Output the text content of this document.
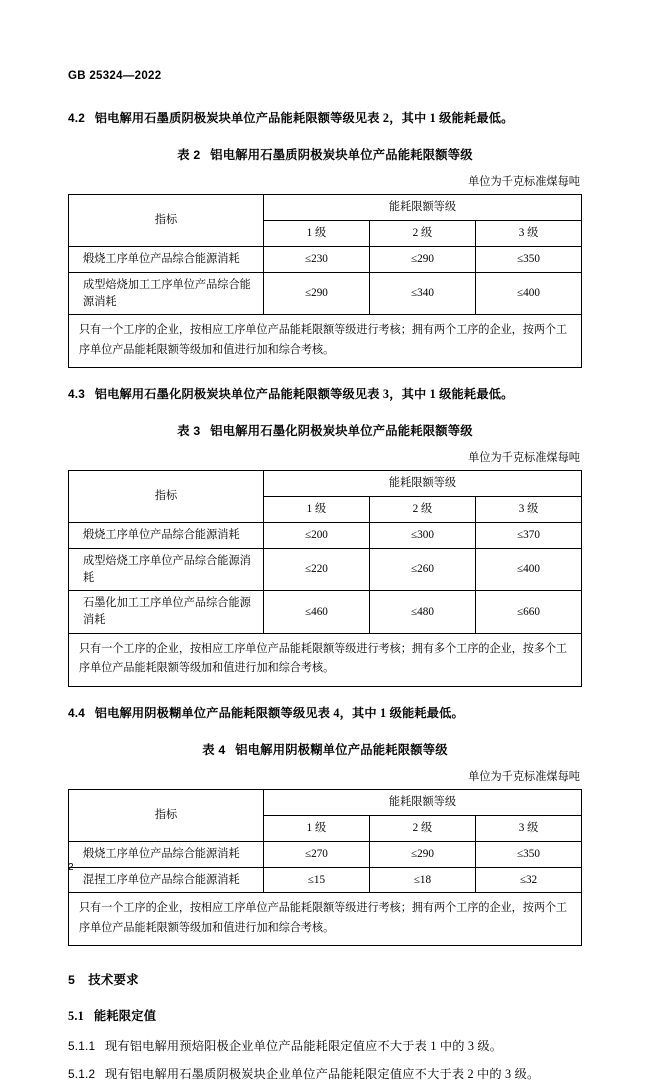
GB 25324—2022

4.2 铝电解用石墨质阴极炭块单位产品能耗限额等级见表 2，其中 1 级能耗最低。

表 2 铝电解用石墨质阴极炭块单位产品能耗限额等级
单位为千克标准煤每吨
指标	能耗限额等级		
	1 级	2 级	3 级
煅烧工序单位产品综合能源消耗	≤230	≤290	≤350
成型焙烧加工工序单位产品综合能源消耗	≤290	≤340	≤400
只有一个工序的企业，按相应工序单位产品能耗限额等级进行考核；拥有两个工序的企业，按两个工序单位产品能耗限额等级加和值进行加和综合考核。			

4.3 铝电解用石墨化阴极炭块单位产品能耗限额等级见表 3，其中 1 级能耗最低。

表 3 铝电解用石墨化阴极炭块单位产品能耗限额等级
单位为千克标准煤每吨
指标	能耗限额等级		
	1 级	2 级	3 级
煅烧工序单位产品综合能源消耗	≤200	≤300	≤370
成型焙烧工序单位产品综合能源消耗	≤220	≤260	≤400
石墨化加工工序单位产品综合能源消耗	≤460	≤480	≤660
只有一个工序的企业，按相应工序单位产品能耗限额等级进行考核；拥有多个工序的企业，按多个工序单位产品能耗限额等级加和值进行加和综合考核。			

4.4 铝电解用阴极糊单位产品能耗限额等级见表 4，其中 1 级能耗最低。

表 4 铝电解用阴极糊单位产品能耗限额等级
单位为千克标准煤每吨
指标	能耗限额等级		
	1 级	2 级	3 级
煅烧工序单位产品综合能源消耗	≤270	≤290	≤350
混捏工序单位产品综合能源消耗	≤15	≤18	≤32
只有一个工序的企业，按相应工序单位产品能耗限额等级进行考核；拥有两个工序的企业，按两个工序单位产品能耗限额等级加和值进行加和综合考核。			
5 技术要求
5.1 能耗限定值

5.1.1 现有铝电解用预焙阳极企业单位产品能耗限定值应不大于表 1 中的 3 级。

5.1.2 现有铝电解用石墨质阴极炭块企业单位产品能耗限定值应不大于表 2 中的 3 级。

2
